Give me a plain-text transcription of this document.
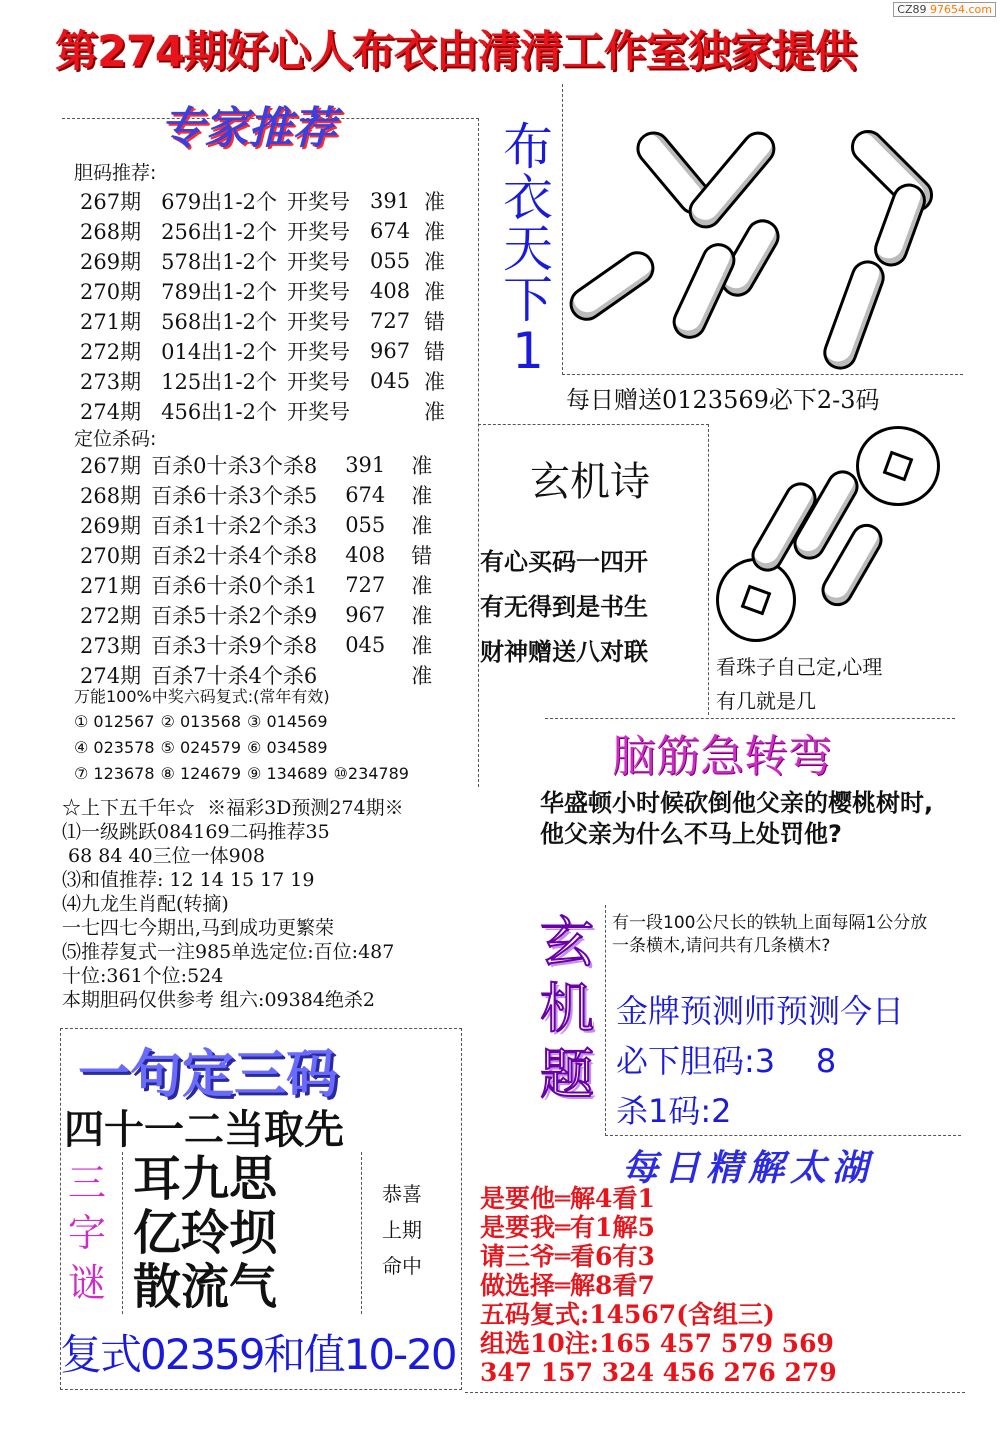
第274期好心人布衣由清清工作室独家提供
CZ89 97654.com
专家推荐
胆码推荐:
267期	679出1-2个	开奖号	391	准
268期	256出1-2个	开奖号	674	准
269期	578出1-2个	开奖号	055	准
270期	789出1-2个	开奖号	408	准
271期	568出1-2个	开奖号	727	错
272期	014出1-2个	开奖号	967	错
273期	125出1-2个	开奖号	045	准
274期	456出1-2个	开奖号		准
定位杀码:
267期	百杀0十杀3个杀8	391	准
268期	百杀6十杀3个杀5	674	准
269期	百杀1十杀2个杀3	055	准
270期	百杀2十杀4个杀8	408	错
271期	百杀6十杀0个杀1	727	准
272期	百杀5十杀2个杀9	967	准
273期	百杀3十杀9个杀8	045	准
274期	百杀7十杀4个杀6		准
万能100%中奖六码复式:(常年有效)
① 012567	② 013568	③ 014569	
④ 023578	⑤ 024579	⑥ 034589	
⑦ 123678	⑧ 124679	⑨ 134689	⑩234789
☆上下五千年☆  ※福彩3D预测274期※
⑴一级跳跃084169二码推荐35
68 84 40三位一体908
⑶和值推荐: 12 14 15 17 19
⑷九龙生肖配(转摘)
一七四七今期出,马到成功更繁荣
⑸推荐复式一注985单选定位:百位:487
十位:361个位:524
本期胆码仅供参考 组六:09384绝杀2
布
衣
天
下
1
每日赠送0123569必下2-3码
玄机诗
有心买码一四开
有无得到是书生
财神赠送八对联
看珠子自己定,心理
有几就是几
脑筋急转弯
华盛顿小时候砍倒他父亲的樱桃树时,他父亲为什么不马上处罚他?
玄
机
题
有一段100公尺长的铁轨上面每隔1公分放一条横木,请问共有几条横木?
金牌预测师预测今日
必下胆码:3    8
杀1码:2
一句定三码
四十一二当取先
三
字
谜
耳九思
亿玲坝
散流气
恭喜
上期
命中
复式02359和值10-20
每日精解太湖
是要他═解4看1
是要我═有1解5
请三爷═看6有3
做选择═解8看7
五码复式:14567(含组三)
组选10注:165 457 579 569
347 157 324 456 276 279
